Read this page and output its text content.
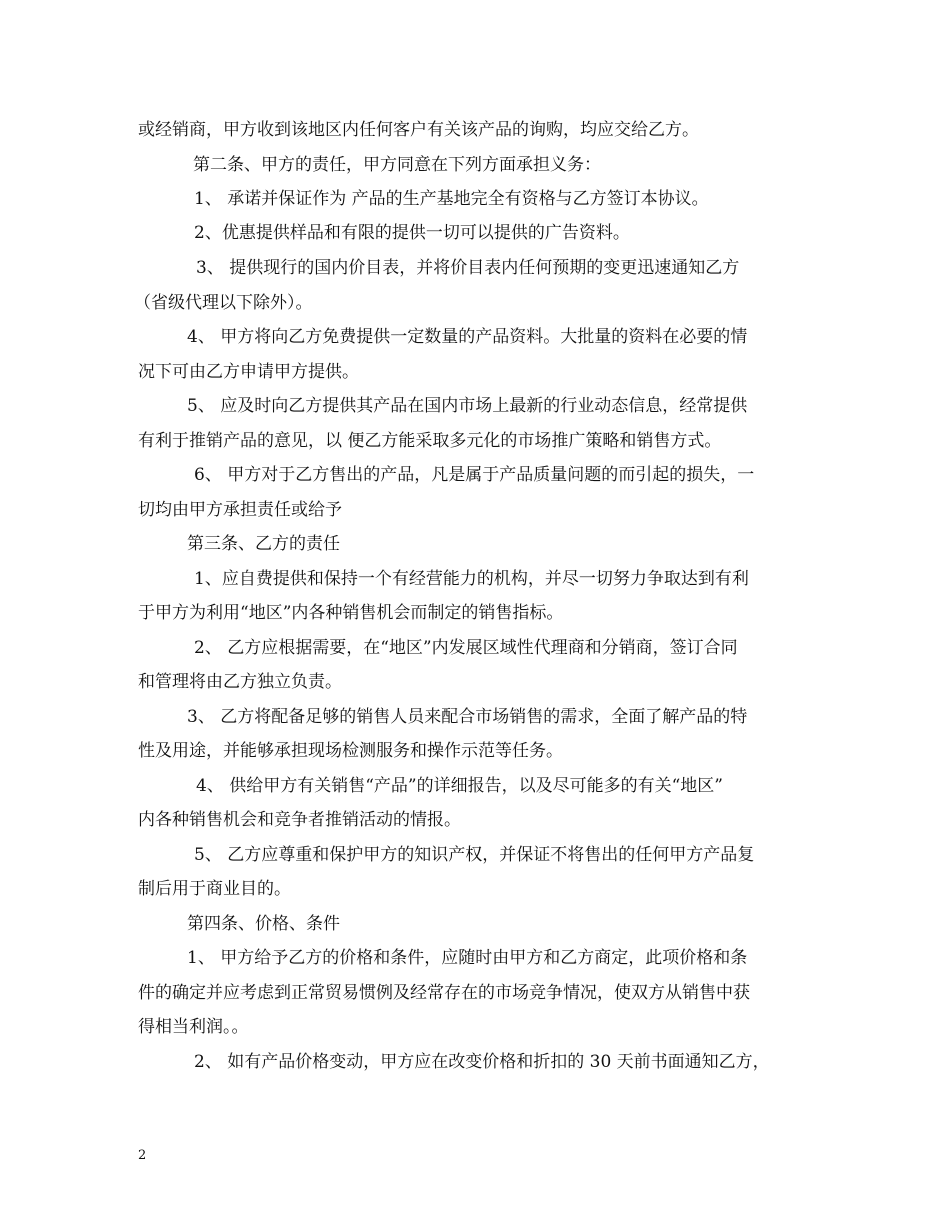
或经销商，甲方收到该地区内任何客户有关该产品的询购，均应交给乙方。
第二条、甲方的责任，甲方同意在下列方面承担义务：
1、 承诺并保证作为 产品的生产基地完全有资格与乙方签订本协议。
2、优惠提供样品和有限的提供一切可以提供的广告资料。
3、 提供现行的国内价目表，并将价目表内任何预期的变更迅速通知乙方
（省级代理以下除外）。
4、 甲方将向乙方免费提供一定数量的产品资料。大批量的资料在必要的情
况下可由乙方申请甲方提供。
5、 应及时向乙方提供其产品在国内市场上最新的行业动态信息，经常提供
有利于推销产品的意见，以 便乙方能采取多元化的市场推广策略和销售方式。
6、 甲方对于乙方售出的产品，凡是属于产品质量问题的而引起的损失，一
切均由甲方承担责任或给予
第三条、乙方的责任
1、应自费提供和保持一个有经营能力的机构，并尽一切努力争取达到有利
于甲方为利用“地区”内各种销售机会而制定的销售指标。
2、 乙方应根据需要，在“地区”内发展区域性代理商和分销商，签订合同
和管理将由乙方独立负责。
3、 乙方将配备足够的销售人员来配合市场销售的需求，全面了解产品的特
性及用途，并能够承担现场检测服务和操作示范等任务。
4、 供给甲方有关销售“产品”的详细报告，以及尽可能多的有关“地区”
内各种销售机会和竞争者推销活动的情报。
5、 乙方应尊重和保护甲方的知识产权，并保证不将售出的任何甲方产品复
制后用于商业目的。
第四条、价格、条件
1、 甲方给予乙方的价格和条件，应随时由甲方和乙方商定，此项价格和条
件的确定并应考虑到正常贸易惯例及经常存在的市场竞争情况，使双方从销售中获
得相当利润。。
2、 如有产品价格变动，甲方应在改变价格和折扣的 30 天前书面通知乙方，
2
